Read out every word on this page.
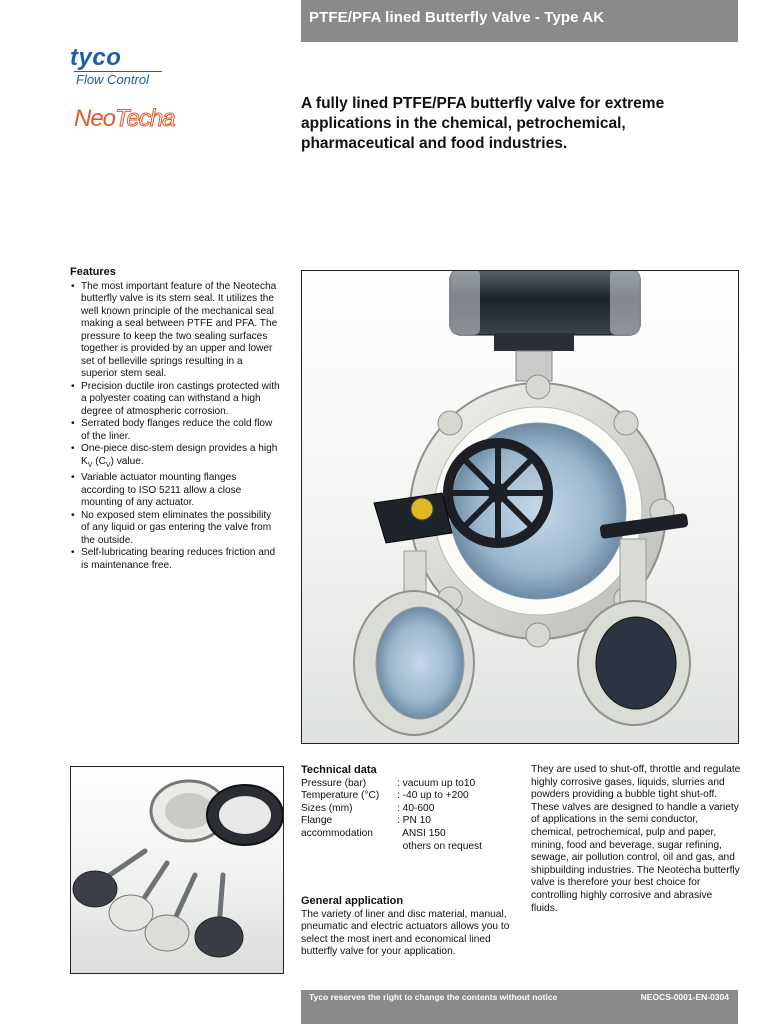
PTFE/PFA lined Butterfly Valve - Type AK
tyco
Flow Control
NeoTecha
A fully lined PTFE/PFA butterfly valve for extreme applications in the chemical, petrochemical, pharmaceutical and food industries.
Features
• The most important feature of the Neotecha butterfly valve is its stem seal. It utilizes the well known principle of the mechanical seal making a seal between PTFE and PFA. The pressure to keep the two sealing surfaces together is provided by an upper and lower set of belleville springs resulting in a superior stem seal.
• Precision ductile iron castings protected with a polyester coating can withstand a high degree of atmospheric corrosion.
• Serrated body flanges reduce the cold flow of the liner.
• One-piece disc-stem design provides a high $K_V$ $(C_V)$ value.
• Variable actuator mounting flanges according to ISO 5211 allow a close mounting of any actuator.
• No exposed stem eliminates the possibility of any liquid or gas entering the valve from the outside.
• Self-lubricating bearing reduces friction and is maintenance free.
Technical data
Pressure (bar)	: vacuum up to10
Temperature (°C)	: -40 up to +200
Sizes (mm)	: 40-600
Flange	: PN 10
accommodation	ANSI 150
others on request
General application
The variety of liner and disc material, manual, pneumatic and electric actuators allows you to select the most inert and economical lined butterfly valve for your application.
They are used to shut-off, throttle and regulate highly corrosive gases, liquids, slurries and powders providing a bubble tight shut-off. These valves are designed to handle a variety of applications in the semi conductor, chemical, petrochemical, pulp and paper, mining, food and beverage, sugar refining, sewage, air pollution control, oil and gas, and shipbuilding industries. The Neotecha butterfly valve is therefore your best choice for controlling highly corrosive and abrasive fluids.
Tyco reserves the right to change the contents without notice	NEOCS-0001-EN-0304
